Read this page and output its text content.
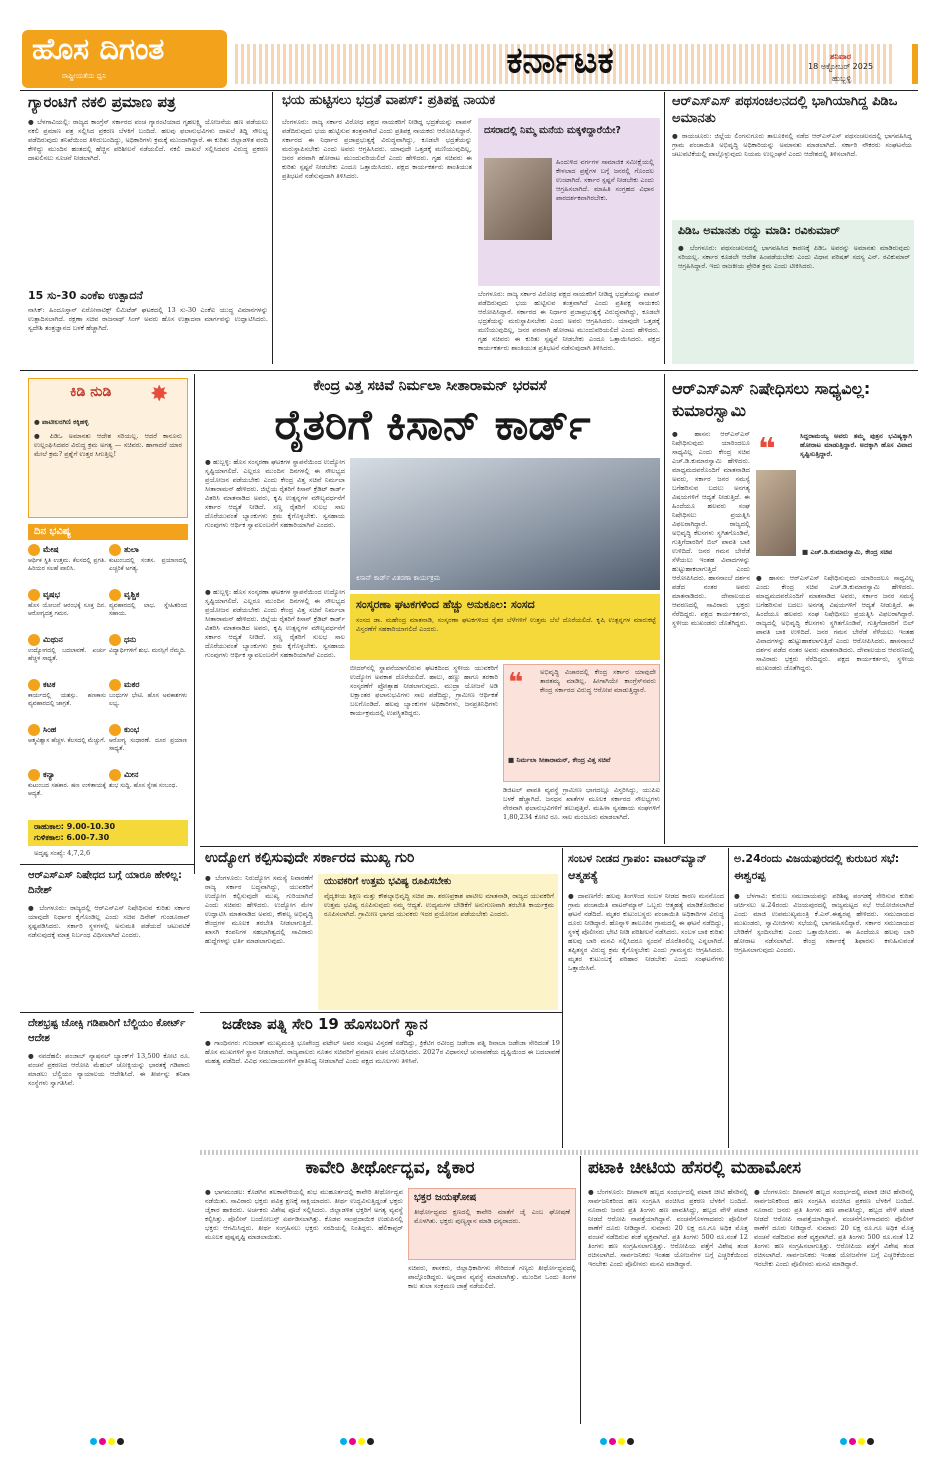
ಹೊಸ ದಿಗಂತ
ರಾಷ್ಟ್ರೀಯತೆಯ ಧ್ವನಿ	ಕರ್ನಾಟಕ	ಶನಿವಾರ
18 ಅಕ್ಟೋಬರ್ 2025
ಹುಬ್ಬಳ್ಳಿ
ಗ್ಯಾರಂಟಿಗೆ ನಕಲಿ ಪ್ರಮಾಣ ಪತ್ರ
● ಬೆಳಗಾವಿಯಲ್ಲಿ: ರಾಜ್ಯದ ಕಾಂಗ್ರೆಸ್ ಸರ್ಕಾರದ ಪಂಚ ಗ್ಯಾರಂಟಿಯಾದ ಗೃಹಲಕ್ಷ್ಮಿ ಯೋಜನೆಯ ಹಣ ಪಡೆಯಲು ನಕಲಿ ಪ್ರಮಾಣ ಪತ್ರ ಸಲ್ಲಿಸಿದ ಪ್ರಕರಣ ಬೆಳಕಿಗೆ ಬಂದಿದೆ. ಹಲವು ಫಲಾನುಭವಿಗಳು ದಾಖಲೆ ತಿದ್ದಿ ಸೌಲಭ್ಯ ಪಡೆದಿರುವುದು ತನಿಖೆಯಿಂದ ತಿಳಿದುಬಂದಿದ್ದು, ಅಧಿಕಾರಿಗಳು ಕ್ರಮಕ್ಕೆ ಮುಂದಾಗಿದ್ದಾರೆ. ಈ ಕುರಿತು ಜಿಲ್ಲಾಡಳಿತ ವರದಿ ಕೇಳಿದ್ದು ಮುಂದಿನ ಹಂತದಲ್ಲಿ ಹೆಚ್ಚಿನ ಪರಿಶೀಲನೆ ನಡೆಯಲಿದೆ. ನಕಲಿ ದಾಖಲೆ ಸಲ್ಲಿಸಿದವರ ವಿರುದ್ಧ ಪ್ರಕರಣ ದಾಖಲಿಸಲು ಸೂಚನೆ ನೀಡಲಾಗಿದೆ.
15 ಸು-30 ಎಂಕೆಐ ಉತ್ಪಾದನೆ
ನಾಸಿಕ್: ಹಿಂದೂಸ್ತಾನ್ ಏರೋನಾಟಿಕ್ಸ್ ಲಿಮಿಟೆಡ್ ಘಟಕದಲ್ಲಿ 13 ಸು-30 ಎಂಕೆಐ ಯುದ್ಧ ವಿಮಾನಗಳನ್ನು ಉತ್ಪಾದಿಸಲಾಗಿದೆ. ರಕ್ಷಣಾ ಸಚಿವ ರಾಜನಾಥ್ ಸಿಂಗ್ ಅವರು ಹೊಸ ಉತ್ಪಾದನಾ ಮಾರ್ಗವನ್ನು ಉದ್ಘಾಟಿಸಿದರು. ಸ್ವದೇಶಿ ತಂತ್ರಜ್ಞಾನದ ಬಳಕೆ ಹೆಚ್ಚಾಗಿದೆ.
ಭಯ ಹುಟ್ಟಿಸಲು ಭದ್ರತೆ ವಾಪಸ್: ಪ್ರತಿಪಕ್ಷ ನಾಯಕ
ಬೆಂಗಳೂರು: ರಾಜ್ಯ ಸರ್ಕಾರ ವಿರೋಧ ಪಕ್ಷದ ನಾಯಕರಿಗೆ ನೀಡಿದ್ದ ಭದ್ರತೆಯನ್ನು ವಾಪಸ್ ಪಡೆದಿರುವುದು ಭಯ ಹುಟ್ಟಿಸುವ ತಂತ್ರವಾಗಿದೆ ಎಂದು ಪ್ರತಿಪಕ್ಷ ನಾಯಕರು ಆರೋಪಿಸಿದ್ದಾರೆ. ಸರ್ಕಾರದ ಈ ನಿರ್ಧಾರ ಪ್ರಜಾಪ್ರಭುತ್ವಕ್ಕೆ ವಿರುದ್ಧವಾಗಿದ್ದು, ಕೂಡಲೇ ಭದ್ರತೆಯನ್ನು ಮರುಸ್ಥಾಪಿಸಬೇಕು ಎಂದು ಅವರು ಆಗ್ರಹಿಸಿದರು. ಯಾವುದೇ ಒತ್ತಡಕ್ಕೆ ಮಣಿಯುವುದಿಲ್ಲ, ಜನರ ಪರವಾಗಿ ಹೋರಾಟ ಮುಂದುವರಿಯಲಿದೆ ಎಂದು ಹೇಳಿದರು. ಗೃಹ ಸಚಿವರು ಈ ಕುರಿತು ಸ್ಪಷ್ಟನೆ ನೀಡಬೇಕು ಎಂದೂ ಒತ್ತಾಯಿಸಿದರು. ಪಕ್ಷದ ಕಾರ್ಯಕರ್ತರು ಶಾಂತಿಯುತ ಪ್ರತಿಭಟನೆ ನಡೆಸುವುದಾಗಿ ತಿಳಿಸಿದರು.
ದಸರಾದಲ್ಲಿ ನಿಮ್ಮ ಮನೆಯ ಮಕ್ಕಳಿದ್ದಾರೆಯೇ?
ಹಿಂದುಳಿದ ವರ್ಗಗಳ ಸಾಮಾಜಿಕ ಸಮೀಕ್ಷೆಯಲ್ಲಿ ಕೇಳಲಾದ ಪ್ರಶ್ನೆಗಳ ಬಗ್ಗೆ ಜನರಲ್ಲಿ ಗೊಂದಲ ಉಂಟಾಗಿದೆ. ಸರ್ಕಾರ ಸ್ಪಷ್ಟನೆ ನೀಡಬೇಕು ಎಂದು ಆಗ್ರಹಿಸಲಾಗಿದೆ. ಮಾಹಿತಿ ಸಂಗ್ರಹದ ವಿಧಾನ ಪಾರದರ್ಶಕವಾಗಿರಬೇಕು.
ಬೆಂಗಳೂರು: ರಾಜ್ಯ ಸರ್ಕಾರ ವಿರೋಧ ಪಕ್ಷದ ನಾಯಕರಿಗೆ ನೀಡಿದ್ದ ಭದ್ರತೆಯನ್ನು ವಾಪಸ್ ಪಡೆದಿರುವುದು ಭಯ ಹುಟ್ಟಿಸುವ ತಂತ್ರವಾಗಿದೆ ಎಂದು ಪ್ರತಿಪಕ್ಷ ನಾಯಕರು ಆರೋಪಿಸಿದ್ದಾರೆ. ಸರ್ಕಾರದ ಈ ನಿರ್ಧಾರ ಪ್ರಜಾಪ್ರಭುತ್ವಕ್ಕೆ ವಿರುದ್ಧವಾಗಿದ್ದು, ಕೂಡಲೇ ಭದ್ರತೆಯನ್ನು ಮರುಸ್ಥಾಪಿಸಬೇಕು ಎಂದು ಅವರು ಆಗ್ರಹಿಸಿದರು. ಯಾವುದೇ ಒತ್ತಡಕ್ಕೆ ಮಣಿಯುವುದಿಲ್ಲ, ಜನರ ಪರವಾಗಿ ಹೋರಾಟ ಮುಂದುವರಿಯಲಿದೆ ಎಂದು ಹೇಳಿದರು. ಗೃಹ ಸಚಿವರು ಈ ಕುರಿತು ಸ್ಪಷ್ಟನೆ ನೀಡಬೇಕು ಎಂದೂ ಒತ್ತಾಯಿಸಿದರು. ಪಕ್ಷದ ಕಾರ್ಯಕರ್ತರು ಶಾಂತಿಯುತ ಪ್ರತಿಭಟನೆ ನಡೆಸುವುದಾಗಿ ತಿಳಿಸಿದರು.
ಆರ್‌ಎಸ್‌ಎಸ್ ಪಥಸಂಚಲನದಲ್ಲಿ ಭಾಗಿಯಾಗಿದ್ದ ಪಿಡಿಒ ಅಮಾನತು
● ರಾಯಚೂರು: ಜಿಲ್ಲೆಯ ಲಿಂಗಸುಗೂರು ತಾಲೂಕಿನಲ್ಲಿ ನಡೆದ ಆರ್‌ಎಸ್‌ಎಸ್ ಪಥಸಂಚಲನದಲ್ಲಿ ಭಾಗವಹಿಸಿದ್ದ ಗ್ರಾಮ ಪಂಚಾಯಿತಿ ಅಭಿವೃದ್ಧಿ ಅಧಿಕಾರಿಯನ್ನು ಅಮಾನತು ಮಾಡಲಾಗಿದೆ. ಸರ್ಕಾರಿ ನೌಕರರು ಸಂಘಟನೆಯ ಚಟುವಟಿಕೆಯಲ್ಲಿ ಪಾಲ್ಗೊಳ್ಳುವುದು ನಿಯಮ ಉಲ್ಲಂಘನೆ ಎಂದು ಆದೇಶದಲ್ಲಿ ತಿಳಿಸಲಾಗಿದೆ.
ಪಿಡಿಒ ಅಮಾನತು ರದ್ದು ಮಾಡಿ: ರವಿಕುಮಾರ್
● ಬೆಂಗಳೂರು: ಪಥಸಂಚಲನದಲ್ಲಿ ಭಾಗವಹಿಸಿದ ಕಾರಣಕ್ಕೆ ಪಿಡಿಒ ಅವರನ್ನು ಅಮಾನತು ಮಾಡಿರುವುದು ಸರಿಯಲ್ಲ. ಸರ್ಕಾರ ಕೂಡಲೇ ಆದೇಶ ಹಿಂಪಡೆಯಬೇಕು ಎಂದು ವಿಧಾನ ಪರಿಷತ್ ಸದಸ್ಯ ಎನ್. ರವಿಕುಮಾರ್ ಆಗ್ರಹಿಸಿದ್ದಾರೆ. ಇದು ರಾಜಕೀಯ ಪ್ರೇರಿತ ಕ್ರಮ ಎಂದು ಟೀಕಿಸಿದರು.
ಕಿಡಿ ನುಡಿ	✸
● ಪಾಟೀಲರಗಿಣಿ ಕಕ್ಕಿಹಳ್ಳಿ
● ಪಿಡಿಒ ಅಮಾನತು ಆದೇಶ ಸರಿಯಲ್ಲ. ಆದರೆ ಕಾನೂನು ಉಲ್ಲಂಘಿಸಿದವರ ವಿರುದ್ಧ ಕ್ರಮ ಅಗತ್ಯ — ಸಚಿವರು. ಹಾಗಾದರೆ ಯಾರ ಮೇಲೆ ಕ್ರಮ? ಪ್ರಶ್ನೆಗೆ ಉತ್ತರ ಸಿಗುತ್ತಿಲ್ಲ!
ದಿನ ಭವಿಷ್ಯ
ಮೇಷ
ಆರ್ಥಿಕ ಸ್ಥಿತಿ ಉತ್ತಮ. ಕೆಲಸದಲ್ಲಿ ಪ್ರಗತಿ. ಹಿರಿಯರ ಸಲಹೆ ಪಾಲಿಸಿ.
ತುಲಾ
ಕುಟುಂಬದಲ್ಲಿ ಸಂತಸ. ಪ್ರಯಾಣದಲ್ಲಿ ಎಚ್ಚರಿಕೆ ಅಗತ್ಯ.
ವೃಷಭ
ಹೊಸ ಯೋಜನೆ ಆರಂಭಕ್ಕೆ ಸೂಕ್ತ ದಿನ. ಆರೋಗ್ಯದತ್ತ ಗಮನ.
ವೃಶ್ಚಿಕ
ವ್ಯವಹಾರದಲ್ಲಿ ಲಾಭ. ಸ್ನೇಹಿತರಿಂದ ಸಹಾಯ.
ಮಿಥುನ
ಉದ್ಯೋಗದಲ್ಲಿ ಬದಲಾವಣೆ. ಖರ್ಚು ಹೆಚ್ಚಳ ಸಾಧ್ಯತೆ.
ಧನು
ವಿದ್ಯಾರ್ಥಿಗಳಿಗೆ ಶುಭ. ಮನಸ್ಸಿಗೆ ನೆಮ್ಮದಿ.
ಕಟಕ
ಕಾರ್ಯದಲ್ಲಿ ಯಶಸ್ಸು. ಹಣಕಾಸು ವ್ಯವಹಾರದಲ್ಲಿ ಜಾಗ್ರತೆ.
ಮಕರ
ಬಂಧುಗಳ ಭೇಟಿ. ಹೊಸ ಅವಕಾಶಗಳು ಲಭ್ಯ.
ಸಿಂಹ
ಆತ್ಮವಿಶ್ವಾಸ ಹೆಚ್ಚಳ. ಕೆಲಸದಲ್ಲಿ ಮೆಚ್ಚುಗೆ.
ಕುಂಭ
ಆರೋಗ್ಯ ಸುಧಾರಣೆ. ದೂರ ಪ್ರಯಾಣ ಸಾಧ್ಯತೆ.
ಕನ್ಯಾ
ಕುಟುಂಬದ ಸಹಕಾರ. ಹಣ ಉಳಿತಾಯಕ್ಕೆ ಆದ್ಯತೆ.
ಮೀನ
ಶುಭ ಸುದ್ದಿ. ಹೊಸ ಸ್ನೇಹ ಸಂಬಂಧ.
ರಾಹುಕಾಲ: 9.00-10.30
ಗುಳಿಕಕಾಲ: 6.00-7.30
ಅದೃಷ್ಟ ಸಂಖ್ಯೆ: 4,7,2,6
ಕೇಂದ್ರ ವಿತ್ತ ಸಚಿವೆ ನಿರ್ಮಲಾ ಸೀತಾರಾಮನ್ ಭರವಸೆ
ರೈತರಿಗೆ ಕಿಸಾನ್ ಕಾರ್ಡ್
● ಹುಬ್ಬಳ್ಳಿ: ಹೊಸ ಸಂಸ್ಕರಣಾ ಘಟಕಗಳ ಸ್ಥಾಪನೆಯಿಂದ ಉದ್ಯೋಗ ಸೃಷ್ಟಿಯಾಗಲಿದೆ. ಎಲ್ಲರೂ ಮುಂದಿನ ದಿನಗಳಲ್ಲಿ ಈ ಸೌಲಭ್ಯದ ಪ್ರಯೋಜನ ಪಡೆಯಬೇಕು ಎಂದು ಕೇಂದ್ರ ವಿತ್ತ ಸಚಿವೆ ನಿರ್ಮಲಾ ಸೀತಾರಾಮನ್ ಹೇಳಿದರು. ಜಿಲ್ಲೆಯ ರೈತರಿಗೆ ಕಿಸಾನ್ ಕ್ರೆಡಿಟ್ ಕಾರ್ಡ್ ವಿತರಿಸಿ ಮಾತನಾಡಿದ ಅವರು, ಕೃಷಿ ಉತ್ಪನ್ನಗಳ ಮೌಲ್ಯವರ್ಧನೆಗೆ ಸರ್ಕಾರ ಆದ್ಯತೆ ನೀಡಿದೆ. ಸಣ್ಣ ರೈತರಿಗೆ ಸುಲಭ ಸಾಲ ದೊರೆಯುವಂತೆ ಬ್ಯಾಂಕುಗಳು ಕ್ರಮ ಕೈಗೊಳ್ಳಬೇಕು. ಸ್ವಸಹಾಯ ಗುಂಪುಗಳು ಆರ್ಥಿಕ ಸ್ವಾವಲಂಬನೆಗೆ ಸಹಕಾರಿಯಾಗಿವೆ ಎಂದರು.
ಕಿಸಾನ್ ಕಾರ್ಡ್ ವಿತರಣಾ ಕಾರ್ಯಕ್ರಮ
● ಹುಬ್ಬಳ್ಳಿ: ಹೊಸ ಸಂಸ್ಕರಣಾ ಘಟಕಗಳ ಸ್ಥಾಪನೆಯಿಂದ ಉದ್ಯೋಗ ಸೃಷ್ಟಿಯಾಗಲಿದೆ. ಎಲ್ಲರೂ ಮುಂದಿನ ದಿನಗಳಲ್ಲಿ ಈ ಸೌಲಭ್ಯದ ಪ್ರಯೋಜನ ಪಡೆಯಬೇಕು ಎಂದು ಕೇಂದ್ರ ವಿತ್ತ ಸಚಿವೆ ನಿರ್ಮಲಾ ಸೀತಾರಾಮನ್ ಹೇಳಿದರು. ಜಿಲ್ಲೆಯ ರೈತರಿಗೆ ಕಿಸಾನ್ ಕ್ರೆಡಿಟ್ ಕಾರ್ಡ್ ವಿತರಿಸಿ ಮಾತನಾಡಿದ ಅವರು, ಕೃಷಿ ಉತ್ಪನ್ನಗಳ ಮೌಲ್ಯವರ್ಧನೆಗೆ ಸರ್ಕಾರ ಆದ್ಯತೆ ನೀಡಿದೆ. ಸಣ್ಣ ರೈತರಿಗೆ ಸುಲಭ ಸಾಲ ದೊರೆಯುವಂತೆ ಬ್ಯಾಂಕುಗಳು ಕ್ರಮ ಕೈಗೊಳ್ಳಬೇಕು. ಸ್ವಸಹಾಯ ಗುಂಪುಗಳು ಆರ್ಥಿಕ ಸ್ವಾವಲಂಬನೆಗೆ ಸಹಕಾರಿಯಾಗಿವೆ ಎಂದರು.
ಸಂಸ್ಕರಣಾ ಘಟಕಗಳಿಂದ ಹೆಚ್ಚು ಅನುಕೂಲ: ಸಂಸದ
ಸಂಸದ ಡಾ. ಮಹೇಂದ್ರ ಮಾತನಾಡಿ, ಸಂಸ್ಕರಣಾ ಘಟಕಗಳಿಂದ ರೈತರ ಬೆಳೆಗಳಿಗೆ ಉತ್ತಮ ಬೆಲೆ ದೊರೆಯಲಿದೆ. ಕೃಷಿ ಉತ್ಪನ್ನಗಳ ಮಾರುಕಟ್ಟೆ ವಿಸ್ತರಣೆಗೆ ಸಹಕಾರಿಯಾಗಲಿದೆ ಎಂದರು.
ಬೀದರ್‌ನಲ್ಲಿ ಸ್ಥಾಪನೆಯಾಗಲಿರುವ ಘಟಕದಿಂದ ಸ್ಥಳೀಯ ಯುವಕರಿಗೆ ಉದ್ಯೋಗ ಅವಕಾಶ ದೊರೆಯಲಿದೆ. ಹಾಲು, ಹಣ್ಣು ಹಾಗೂ ತರಕಾರಿ ಸಂಸ್ಕರಣೆಗೆ ಪ್ರೋತ್ಸಾಹ ನೀಡಲಾಗುವುದು. ಮುದ್ರಾ ಯೋಜನೆ ಅಡಿ ಲಕ್ಷಾಂತರ ಫಲಾನುಭವಿಗಳು ಸಾಲ ಪಡೆದಿದ್ದು, ಗ್ರಾಮೀಣ ಆರ್ಥಿಕತೆ ಬಲಗೊಂಡಿದೆ. ಹಲವು ಬ್ಯಾಂಕುಗಳ ಅಧಿಕಾರಿಗಳು, ಜನಪ್ರತಿನಿಧಿಗಳು ಕಾರ್ಯಕ್ರಮದಲ್ಲಿ ಉಪಸ್ಥಿತರಿದ್ದರು.
❝	ಅಭಿವೃದ್ಧಿ ವಿಚಾರದಲ್ಲಿ ಕೇಂದ್ರ ಸರ್ಕಾರ ಯಾವುದೇ ತಾರತಮ್ಯ ಮಾಡಿಲ್ಲ. ಹೀಗಾಗಿಯೇ ಕಾಂಗ್ರೆಸ್‌ನವರು ಕೇಂದ್ರ ಸರ್ಕಾರದ ವಿರುದ್ಧ ಆರೋಪ ಮಾಡುತ್ತಿದ್ದಾರೆ.
■ ನಿರ್ಮಲಾ ಸೀತಾರಾಮನ್, ಕೇಂದ್ರ ವಿತ್ತ ಸಚಿವೆ
ಡಿಜಿಟಲ್ ಪಾವತಿ ವ್ಯವಸ್ಥೆ ಗ್ರಾಮೀಣ ಭಾಗದಲ್ಲೂ ವಿಸ್ತರಿಸಿದ್ದು, ಯುಪಿಐ ಬಳಕೆ ಹೆಚ್ಚಾಗಿದೆ. ಜನಧನ ಖಾತೆಗಳ ಮೂಲಕ ಸರ್ಕಾರದ ಸೌಲಭ್ಯಗಳು ನೇರವಾಗಿ ಫಲಾನುಭವಿಗಳಿಗೆ ತಲುಪುತ್ತಿವೆ. ಮಹಿಳಾ ಸ್ವಸಹಾಯ ಸಂಘಗಳಿಗೆ 1,80,234 ಕೋಟಿ ರೂ. ಸಾಲ ಮಂಜೂರು ಮಾಡಲಾಗಿದೆ.
ಆರ್‌ಎಸ್‌ಎಸ್ ನಿಷೇಧಿಸಲು ಸಾಧ್ಯವಿಲ್ಲ: ಕುಮಾರಸ್ವಾಮಿ
● ಹಾಸನ: ಆರ್‌ಎಸ್‌ಎಸ್ ನಿಷೇಧಿಸುವುದು ಯಾರಿಂದಲೂ ಸಾಧ್ಯವಿಲ್ಲ ಎಂದು ಕೇಂದ್ರ ಸಚಿವ ಎಚ್.ಡಿ.ಕುಮಾರಸ್ವಾಮಿ ಹೇಳಿದರು. ಮಾಧ್ಯಮದವರೊಂದಿಗೆ ಮಾತನಾಡಿದ ಅವರು, ಸರ್ಕಾರ ಜನರ ಸಮಸ್ಯೆ ಬಗೆಹರಿಸುವ ಬದಲು ಅನಗತ್ಯ ವಿಷಯಗಳಿಗೆ ಆದ್ಯತೆ ನೀಡುತ್ತಿದೆ. ಈ ಹಿಂದೆಯೂ ಹಲವರು ಸಂಘ ನಿಷೇಧಿಸಲು ಪ್ರಯತ್ನಿಸಿ ವಿಫಲರಾಗಿದ್ದಾರೆ. ರಾಜ್ಯದಲ್ಲಿ ಅಭಿವೃದ್ಧಿ ಕೆಲಸಗಳು ಸ್ಥಗಿತಗೊಂಡಿವೆ, ಗುತ್ತಿಗೆದಾರರಿಗೆ ಬಿಲ್ ಪಾವತಿ ಬಾಕಿ ಉಳಿದಿದೆ. ಜನರ ಗಮನ ಬೇರೆಡೆ ಸೆಳೆಯಲು ಇಂತಹ ವಿವಾದಗಳನ್ನು ಹುಟ್ಟುಹಾಕಲಾಗುತ್ತಿದೆ ಎಂದು ಆರೋಪಿಸಿದರು. ಹಾಸನಾಂಬೆ ದರ್ಶನ ಪಡೆದ ನಂತರ ಅವರು ಮಾತನಾಡಿದರು. ದೇವಾಲಯದ ಆವರಣದಲ್ಲಿ ಸಾವಿರಾರು ಭಕ್ತರು ನೆರೆದಿದ್ದರು. ಪಕ್ಷದ ಕಾರ್ಯಕರ್ತರು, ಸ್ಥಳೀಯ ಮುಖಂಡರು ಜೊತೆಗಿದ್ದರು.
❝	ಸಿದ್ದರಾಮಯ್ಯ ಅವರು ತಮ್ಮ ಪುತ್ರನ ಭವಿಷ್ಯಕ್ಕಾಗಿ ಹೋರಾಟ ಮಾಡುತ್ತಿದ್ದಾರೆ. ಅದಕ್ಕಾಗಿ ಹೊಸ ವಿವಾದ ಸೃಷ್ಟಿಸುತ್ತಿದ್ದಾರೆ.
■ ಎಚ್.ಡಿ.ಕುಮಾರಸ್ವಾಮಿ, ಕೇಂದ್ರ ಸಚಿವ
● ಹಾಸನ: ಆರ್‌ಎಸ್‌ಎಸ್ ನಿಷೇಧಿಸುವುದು ಯಾರಿಂದಲೂ ಸಾಧ್ಯವಿಲ್ಲ ಎಂದು ಕೇಂದ್ರ ಸಚಿವ ಎಚ್.ಡಿ.ಕುಮಾರಸ್ವಾಮಿ ಹೇಳಿದರು. ಮಾಧ್ಯಮದವರೊಂದಿಗೆ ಮಾತನಾಡಿದ ಅವರು, ಸರ್ಕಾರ ಜನರ ಸಮಸ್ಯೆ ಬಗೆಹರಿಸುವ ಬದಲು ಅನಗತ್ಯ ವಿಷಯಗಳಿಗೆ ಆದ್ಯತೆ ನೀಡುತ್ತಿದೆ. ಈ ಹಿಂದೆಯೂ ಹಲವರು ಸಂಘ ನಿಷೇಧಿಸಲು ಪ್ರಯತ್ನಿಸಿ ವಿಫಲರಾಗಿದ್ದಾರೆ. ರಾಜ್ಯದಲ್ಲಿ ಅಭಿವೃದ್ಧಿ ಕೆಲಸಗಳು ಸ್ಥಗಿತಗೊಂಡಿವೆ, ಗುತ್ತಿಗೆದಾರರಿಗೆ ಬಿಲ್ ಪಾವತಿ ಬಾಕಿ ಉಳಿದಿದೆ. ಜನರ ಗಮನ ಬೇರೆಡೆ ಸೆಳೆಯಲು ಇಂತಹ ವಿವಾದಗಳನ್ನು ಹುಟ್ಟುಹಾಕಲಾಗುತ್ತಿದೆ ಎಂದು ಆರೋಪಿಸಿದರು. ಹಾಸನಾಂಬೆ ದರ್ಶನ ಪಡೆದ ನಂತರ ಅವರು ಮಾತನಾಡಿದರು. ದೇವಾಲಯದ ಆವರಣದಲ್ಲಿ ಸಾವಿರಾರು ಭಕ್ತರು ನೆರೆದಿದ್ದರು. ಪಕ್ಷದ ಕಾರ್ಯಕರ್ತರು, ಸ್ಥಳೀಯ ಮುಖಂಡರು ಜೊತೆಗಿದ್ದರು.
ಉದ್ಯೋಗ ಕಲ್ಪಿಸುವುದೇ ಸರ್ಕಾರದ ಮುಖ್ಯ ಗುರಿ
● ಬೆಂಗಳೂರು: ನಿರುದ್ಯೋಗ ಸಮಸ್ಯೆ ನಿವಾರಣೆಗೆ ರಾಜ್ಯ ಸರ್ಕಾರ ಬದ್ಧವಾಗಿದ್ದು, ಯುವಕರಿಗೆ ಉದ್ಯೋಗ ಕಲ್ಪಿಸುವುದೇ ಮುಖ್ಯ ಗುರಿಯಾಗಿದೆ ಎಂದು ಸಚಿವರು ಹೇಳಿದರು. ಉದ್ಯೋಗ ಮೇಳ ಉದ್ಘಾಟಿಸಿ ಮಾತನಾಡಿದ ಅವರು, ಕೌಶಲ್ಯ ಅಭಿವೃದ್ಧಿ ಕೇಂದ್ರಗಳ ಮೂಲಕ ತರಬೇತಿ ನೀಡಲಾಗುತ್ತಿದೆ. ಖಾಸಗಿ ಕಂಪನಿಗಳ ಸಹಭಾಗಿತ್ವದಲ್ಲಿ ಸಾವಿರಾರು ಹುದ್ದೆಗಳನ್ನು ಭರ್ತಿ ಮಾಡಲಾಗುವುದು.
ಯುವಕರಿಗೆ ಉತ್ತಮ ಭವಿಷ್ಯ ರೂಪಿಸಬೇಕು
ವೈದ್ಯಕೀಯ ಶಿಕ್ಷಣ ಮತ್ತು ಕೌಶಲ್ಯಾಭಿವೃದ್ಧಿ ಸಚಿವ ಡಾ. ಶರಣಪ್ರಕಾಶ ಪಾಟೀಲ ಮಾತನಾಡಿ, ರಾಜ್ಯದ ಯುವಕರಿಗೆ ಉತ್ತಮ ಭವಿಷ್ಯ ರೂಪಿಸುವುದು ನಮ್ಮ ಆದ್ಯತೆ. ಉದ್ಯಮಗಳ ಬೇಡಿಕೆಗೆ ಅನುಗುಣವಾಗಿ ತರಬೇತಿ ಕಾರ್ಯಕ್ರಮ ರೂಪಿಸಲಾಗಿದೆ. ಗ್ರಾಮೀಣ ಭಾಗದ ಯುವಕರು ಇದರ ಪ್ರಯೋಜನ ಪಡೆಯಬೇಕು ಎಂದರು.
ಜಡೇಜಾ ಪತ್ನಿ ಸೇರಿ 19 ಹೊಸಬರಿಗೆ ಸ್ಥಾನ
● ಗಾಂಧಿನಗರ: ಗುಜರಾತ್ ಮುಖ್ಯಮಂತ್ರಿ ಭೂಪೇಂದ್ರ ಪಟೇಲ್ ಅವರ ಸಂಪುಟ ವಿಸ್ತರಣೆ ನಡೆದಿದ್ದು, ಕ್ರಿಕೆಟಿಗ ರವೀಂದ್ರ ಜಡೇಜಾ ಪತ್ನಿ ರಿವಾಬಾ ಜಡೇಜಾ ಸೇರಿದಂತೆ 19 ಹೊಸ ಮುಖಗಳಿಗೆ ಸ್ಥಾನ ನೀಡಲಾಗಿದೆ. ರಾಜ್ಯಪಾಲರು ನೂತನ ಸಚಿವರಿಗೆ ಪ್ರಮಾಣ ವಚನ ಬೋಧಿಸಿದರು. 2027ರ ವಿಧಾನಸಭೆ ಚುನಾವಣೆಯ ದೃಷ್ಟಿಯಿಂದ ಈ ಬದಲಾವಣೆ ಮಹತ್ವ ಪಡೆದಿದೆ. ವಿವಿಧ ಸಮುದಾಯಗಳಿಗೆ ಪ್ರಾತಿನಿಧ್ಯ ನೀಡಲಾಗಿದೆ ಎಂದು ಪಕ್ಷದ ಮೂಲಗಳು ತಿಳಿಸಿವೆ.
ಸಂಬಳ ನೀಡದ ಗ್ರಾಪಂ: ವಾಟರ್‌ಮ್ಯಾನ್ ಆತ್ಮಹತ್ಯೆ
● ದಾವಣಗೆರೆ: ಹಲವು ತಿಂಗಳಿಂದ ಸಂಬಳ ನೀಡದ ಕಾರಣ ಮನನೊಂದ ಗ್ರಾಮ ಪಂಚಾಯಿತಿ ವಾಟರ್‌ಮ್ಯಾನ್ ಒಬ್ಬರು ಆತ್ಮಹತ್ಯೆ ಮಾಡಿಕೊಂಡಿರುವ ಘಟನೆ ನಡೆದಿದೆ. ಮೃತರ ಕುಟುಂಬಸ್ಥರು ಪಂಚಾಯಿತಿ ಅಧಿಕಾರಿಗಳ ವಿರುದ್ಧ ದೂರು ನೀಡಿದ್ದಾರೆ. ಹೊನ್ನಾಳಿ ತಾಲೂಕಿನ ಗ್ರಾಮದಲ್ಲಿ ಈ ಘಟನೆ ನಡೆದಿದ್ದು, ಸ್ಥಳಕ್ಕೆ ಪೊಲೀಸರು ಭೇಟಿ ನೀಡಿ ಪರಿಶೀಲನೆ ನಡೆಸಿದರು. ಸಂಬಳ ಬಾಕಿ ಕುರಿತು ಹಲವು ಬಾರಿ ಮನವಿ ಸಲ್ಲಿಸಿದರೂ ಸ್ಪಂದನೆ ದೊರೆತಿರಲಿಲ್ಲ ಎನ್ನಲಾಗಿದೆ. ತಪ್ಪಿತಸ್ಥರ ವಿರುದ್ಧ ಕ್ರಮ ಕೈಗೊಳ್ಳಬೇಕು ಎಂದು ಗ್ರಾಮಸ್ಥರು ಆಗ್ರಹಿಸಿದರು. ಮೃತರ ಕುಟುಂಬಕ್ಕೆ ಪರಿಹಾರ ನೀಡಬೇಕು ಎಂದು ಸಂಘಟನೆಗಳು ಒತ್ತಾಯಿಸಿವೆ.
ಅ.24ರಂದು ವಿಜಯಪುರದಲ್ಲಿ ಕುರುಬರ ಸಭೆ: ಈಶ್ವರಪ್ಪ
● ಬೆಳಗಾವಿ: ಕುರುಬ ಸಮುದಾಯವನ್ನು ಪರಿಶಿಷ್ಟ ಪಂಗಡಕ್ಕೆ ಸೇರಿಸುವ ಕುರಿತು ಚರ್ಚಿಸಲು ಅ.24ರಂದು ವಿಜಯಪುರದಲ್ಲಿ ರಾಜ್ಯಮಟ್ಟದ ಸಭೆ ಆಯೋಜಿಸಲಾಗಿದೆ ಎಂದು ಮಾಜಿ ಉಪಮುಖ್ಯಮಂತ್ರಿ ಕೆ.ಎಸ್.ಈಶ್ವರಪ್ಪ ಹೇಳಿದರು. ಸಮುದಾಯದ ಮುಖಂಡರು, ಸ್ವಾಮೀಜಿಗಳು ಸಭೆಯಲ್ಲಿ ಭಾಗವಹಿಸಲಿದ್ದಾರೆ. ಸರ್ಕಾರ ಸಮುದಾಯದ ಬೇಡಿಕೆಗೆ ಸ್ಪಂದಿಸಬೇಕು ಎಂದು ಒತ್ತಾಯಿಸಿದರು. ಈ ಹಿಂದೆಯೂ ಹಲವು ಬಾರಿ ಹೋರಾಟ ನಡೆಸಲಾಗಿದೆ. ಕೇಂದ್ರ ಸರ್ಕಾರಕ್ಕೆ ಶಿಫಾರಸು ಕಳುಹಿಸುವಂತೆ ಆಗ್ರಹಿಸಲಾಗುವುದು ಎಂದರು.
ಆರ್‌ಎಸ್‌ಎಸ್ ನಿಷೇಧದ ಬಗ್ಗೆ ಯಾರೂ ಹೇಳಿಲ್ಲ: ದಿನೇಶ್
● ಬೆಂಗಳೂರು: ರಾಜ್ಯದಲ್ಲಿ ಆರ್‌ಎಸ್‌ಎಸ್ ನಿಷೇಧಿಸುವ ಕುರಿತು ಸರ್ಕಾರ ಯಾವುದೇ ನಿರ್ಧಾರ ಕೈಗೊಂಡಿಲ್ಲ ಎಂದು ಸಚಿವ ದಿನೇಶ್ ಗುಂಡೂರಾವ್ ಸ್ಪಷ್ಟಪಡಿಸಿದರು. ಸರ್ಕಾರಿ ಸ್ಥಳಗಳಲ್ಲಿ ಅನುಮತಿ ಪಡೆಯದೆ ಚಟುವಟಿಕೆ ನಡೆಸುವುದಕ್ಕೆ ಮಾತ್ರ ನಿರ್ಬಂಧ ವಿಧಿಸಲಾಗಿದೆ ಎಂದರು.
ದೇಶಭ್ರಷ್ಟ ಚೋಕ್ಸಿ ಗಡಿಪಾರಿಗೆ ಬೆಲ್ಜಿಯಂ ಕೋರ್ಟ್ ಆದೇಶ
● ನವದೆಹಲಿ: ಪಂಜಾಬ್ ನ್ಯಾಷನಲ್ ಬ್ಯಾಂಕ್‌ಗೆ 13,500 ಕೋಟಿ ರೂ. ವಂಚನೆ ಪ್ರಕರಣದ ಆರೋಪಿ ಮೆಹುಲ್ ಚೋಕ್ಸಿಯನ್ನು ಭಾರತಕ್ಕೆ ಗಡಿಪಾರು ಮಾಡಲು ಬೆಲ್ಜಿಯಂ ನ್ಯಾಯಾಲಯ ಆದೇಶಿಸಿದೆ. ಈ ತೀರ್ಪನ್ನು ತನಿಖಾ ಸಂಸ್ಥೆಗಳು ಸ್ವಾಗತಿಸಿವೆ.
ಕಾವೇರಿ ತೀರ್ಥೋದ್ಭವ, ಜೈಕಾರ
● ಭಾಗಮಂಡಲ: ಕೊಡಗಿನ ತಲಕಾವೇರಿಯಲ್ಲಿ ಶುಭ ಮುಹೂರ್ತದಲ್ಲಿ ಕಾವೇರಿ ತೀರ್ಥೋದ್ಭವ ನಡೆಯಿತು. ಸಾವಿರಾರು ಭಕ್ತರು ಪವಿತ್ರ ಕ್ಷಣಕ್ಕೆ ಸಾಕ್ಷಿಯಾದರು. ತೀರ್ಥ ಉದ್ಭವಿಸುತ್ತಿದ್ದಂತೆ ಭಕ್ತರು ಜೈಕಾರ ಹಾಕಿದರು. ಅರ್ಚಕರು ವಿಶೇಷ ಪೂಜೆ ಸಲ್ಲಿಸಿದರು. ಜಿಲ್ಲಾಡಳಿತ ಭಕ್ತರಿಗೆ ಅಗತ್ಯ ವ್ಯವಸ್ಥೆ ಕಲ್ಪಿಸಿತ್ತು. ಪೊಲೀಸ್ ಬಂದೋಬಸ್ತ್ ಏರ್ಪಡಿಸಲಾಗಿತ್ತು. ಕೊಡವ ಸಾಂಪ್ರದಾಯಿಕ ಉಡುಪಿನಲ್ಲಿ ಭಕ್ತರು ಆಗಮಿಸಿದ್ದರು. ತೀರ್ಥ ಸಂಗ್ರಹಿಸಲು ಭಕ್ತರು ಸರದಿಯಲ್ಲಿ ನಿಂತಿದ್ದರು. ಹೆಲಿಕಾಪ್ಟರ್ ಮೂಲಕ ಪುಷ್ಪವೃಷ್ಟಿ ಮಾಡಲಾಯಿತು.
ಭಕ್ತರ ಜಯಘೋಷ
ತೀರ್ಥೋದ್ಭವದ ಕ್ಷಣದಲ್ಲಿ ಕಾವೇರಿ ಮಾತೆಗೆ ಜೈ ಎಂಬ ಘೋಷಣೆ ಮೊಳಗಿತು. ಭಕ್ತರು ಪುಣ್ಯಸ್ನಾನ ಮಾಡಿ ಧನ್ಯರಾದರು.
ಸಚಿವರು, ಶಾಸಕರು, ಜಿಲ್ಲಾಧಿಕಾರಿಗಳು ಸೇರಿದಂತೆ ಗಣ್ಯರು ತೀರ್ಥೋದ್ಭವದಲ್ಲಿ ಪಾಲ್ಗೊಂಡಿದ್ದರು. ಅನ್ನದಾನ ವ್ಯವಸ್ಥೆ ಮಾಡಲಾಗಿತ್ತು. ಮುಂದಿನ ಒಂದು ತಿಂಗಳ ಕಾಲ ತುಲಾ ಸಂಕ್ರಮಣ ಜಾತ್ರೆ ನಡೆಯಲಿದೆ.
ಪಟಾಕಿ ಚೀಟಿಯ ಹೆಸರಲ್ಲಿ ಮಹಾಮೋಸ
● ಬೆಂಗಳೂರು: ದೀಪಾವಳಿ ಹಬ್ಬದ ಸಂದರ್ಭದಲ್ಲಿ ಪಟಾಕಿ ಚೀಟಿ ಹೆಸರಿನಲ್ಲಿ ಸಾರ್ವಜನಿಕರಿಂದ ಹಣ ಸಂಗ್ರಹಿಸಿ ವಂಚಿಸಿದ ಪ್ರಕರಣ ಬೆಳಕಿಗೆ ಬಂದಿದೆ. ನೂರಾರು ಜನರು ಪ್ರತಿ ತಿಂಗಳು ಹಣ ಪಾವತಿಸಿದ್ದು, ಹಬ್ಬದ ವೇಳೆ ಪಟಾಕಿ ನೀಡದೆ ಆರೋಪಿ ನಾಪತ್ತೆಯಾಗಿದ್ದಾನೆ. ವಂಚನೆಗೊಳಗಾದವರು ಪೊಲೀಸ್ ಠಾಣೆಗೆ ದೂರು ನೀಡಿದ್ದಾರೆ. ಸುಮಾರು 20 ಲಕ್ಷ ರೂ.ಗೂ ಅಧಿಕ ಮೊತ್ತ ವಂಚನೆ ನಡೆದಿರುವ ಶಂಕೆ ವ್ಯಕ್ತವಾಗಿದೆ. ಪ್ರತಿ ತಿಂಗಳು 500 ರೂ.ನಂತೆ 12 ತಿಂಗಳು ಹಣ ಸಂಗ್ರಹಿಸಲಾಗುತ್ತಿತ್ತು. ಆರೋಪಿಯ ಪತ್ತೆಗೆ ವಿಶೇಷ ತಂಡ ರಚಿಸಲಾಗಿದೆ. ಸಾರ್ವಜನಿಕರು ಇಂತಹ ಯೋಜನೆಗಳ ಬಗ್ಗೆ ಎಚ್ಚರಿಕೆಯಿಂದ ಇರಬೇಕು ಎಂದು ಪೊಲೀಸರು ಮನವಿ ಮಾಡಿದ್ದಾರೆ.
● ಬೆಂಗಳೂರು: ದೀಪಾವಳಿ ಹಬ್ಬದ ಸಂದರ್ಭದಲ್ಲಿ ಪಟಾಕಿ ಚೀಟಿ ಹೆಸರಿನಲ್ಲಿ ಸಾರ್ವಜನಿಕರಿಂದ ಹಣ ಸಂಗ್ರಹಿಸಿ ವಂಚಿಸಿದ ಪ್ರಕರಣ ಬೆಳಕಿಗೆ ಬಂದಿದೆ. ನೂರಾರು ಜನರು ಪ್ರತಿ ತಿಂಗಳು ಹಣ ಪಾವತಿಸಿದ್ದು, ಹಬ್ಬದ ವೇಳೆ ಪಟಾಕಿ ನೀಡದೆ ಆರೋಪಿ ನಾಪತ್ತೆಯಾಗಿದ್ದಾನೆ. ವಂಚನೆಗೊಳಗಾದವರು ಪೊಲೀಸ್ ಠಾಣೆಗೆ ದೂರು ನೀಡಿದ್ದಾರೆ. ಸುಮಾರು 20 ಲಕ್ಷ ರೂ.ಗೂ ಅಧಿಕ ಮೊತ್ತ ವಂಚನೆ ನಡೆದಿರುವ ಶಂಕೆ ವ್ಯಕ್ತವಾಗಿದೆ. ಪ್ರತಿ ತಿಂಗಳು 500 ರೂ.ನಂತೆ 12 ತಿಂಗಳು ಹಣ ಸಂಗ್ರಹಿಸಲಾಗುತ್ತಿತ್ತು. ಆರೋಪಿಯ ಪತ್ತೆಗೆ ವಿಶೇಷ ತಂಡ ರಚಿಸಲಾಗಿದೆ. ಸಾರ್ವಜನಿಕರು ಇಂತಹ ಯೋಜನೆಗಳ ಬಗ್ಗೆ ಎಚ್ಚರಿಕೆಯಿಂದ ಇರಬೇಕು ಎಂದು ಪೊಲೀಸರು ಮನವಿ ಮಾಡಿದ್ದಾರೆ.
